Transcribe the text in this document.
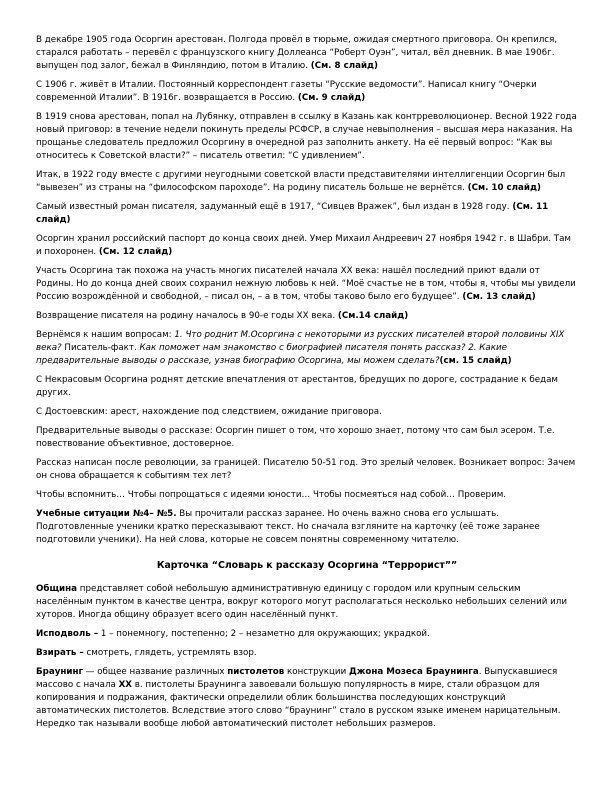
В декабре 1905 года Осоргин арестован. Полгода провёл в тюрьме, ожидая смертного приговора. Он крепился, старался работать – перевёл с французского книгу Доллеанса “Роберт Оуэн”, читал, вёл дневник. В мае 1906г. выпущен под залог, бежал в Финляндию, потом в Италию. (См. 8 слайд)

С 1906 г. живёт в Италии. Постоянный корреспондент газеты “Русские ведомости”. Написал книгу “Очерки современной Италии”. В 1916г. возвращается в Россию. (См. 9 слайд)

В 1919 снова арестован, попал на Лубянку, отправлен в ссылку в Казань как контрреволюционер. Весной 1922 года новый приговор: в течение недели покинуть пределы РСФСР, в случае невыполнения – высшая мера наказания. На прощанье следователь предложил Осоргину в очередной раз заполнить анкету. На её первый вопрос: “Как вы относитесь к Советской власти?” – писатель ответил: “С удивлением”.

Итак, в 1922 году вместе с другими неугодными советской власти представителями интеллигенции Осоргин был “вывезен” из страны на “философском пароходе”. На родину писатель больше не вернётся. (См. 10 слайд)

Самый известный роман писателя, задуманный ещё в 1917, “Сивцев Вражек”, был издан в 1928 году. (См. 11 слайд)

Осоргин хранил российский паспорт до конца своих дней. Умер Михаил Андреевич 27 ноября 1942 г. в Шабри. Там и похоронен. (См. 12 слайд)

Участь Осоргина так похожа на участь многих писателей начала ХХ века: нашёл последний приют вдали от Родины. Но до конца дней своих сохранил нежную любовь к ней. “Моё счастье не в том, чтобы я, чтобы мы увидели Россию возрождённой и свободной, – писал он, – а в том, чтобы таково было его будущее”. (См. 13 слайд)

Возвращение писателя на родину началось в 90-е годы ХХ века. (См.14 слайд)

Вернёмся к нашим вопросам: 1. Что роднит М.Осоргина с некоторыми из русских писателей второй половины XIX века? Писатель-факт. Как поможет нам знакомство с биографией писателя понять рассказ? 2. Какие предварительные выводы о рассказе, узнав биографию Осоргина, мы можем сделать?(см. 15 слайд)

С Некрасовым Осоргина роднят детские впечатления от арестантов, бредущих по дороге, сострадание к бедам других.

С Достоевским: арест, нахождение под следствием, ожидание приговора.

Предварительные выводы о рассказе: Осоргин пишет о том, что хорошо знает, потому что сам был эсером. Т.е. повествование объективное, достоверное.

Рассказ написан после революции, за границей. Писателю 50-51 год. Это зрелый человек. Возникает вопрос: Зачем он снова обращается к событиям тех лет?

Чтобы вспомнить… Чтобы попрощаться с идеями юности… Чтобы посмеяться над собой… Проверим.

Учебные ситуации №4– №5. Вы прочитали рассказ заранее. Но очень важно снова его услышать. Подготовленные ученики кратко пересказывают текст. Но сначала взгляните на карточку (её тоже заранее подготовили ученики). На ней слова, которые не совсем понятны современному читателю.

Карточка “Словарь к рассказу Осоргина “Террорист””

Община представляет собой небольшую административную единицу с городом или крупным сельским населённым пунктом в качестве центра, вокруг которого могут располагаться несколько небольших селений или хуторов. Иногда общину образует всего один населённый пункт.

Исподволь – 1 – понемногу, постепенно; 2 – незаметно для окружающих; украдкой.

Взирать – смотреть, глядеть, устремлять взор.

Браунинг — общее название различных пистолетов конструкции Джона Мозеса Браунинга. Выпускавшиеся массово с начала ХХ в. пистолеты Браунинга завоевали большую популярность в мире, стали образцом для копирования и подражания, фактически определили облик большинства последующих конструкций автоматических пистолетов. Вследствие этого слово “браунинг” стало в русском языке именем нарицательным. Нередко так называли вообще любой автоматический пистолет небольших размеров.
